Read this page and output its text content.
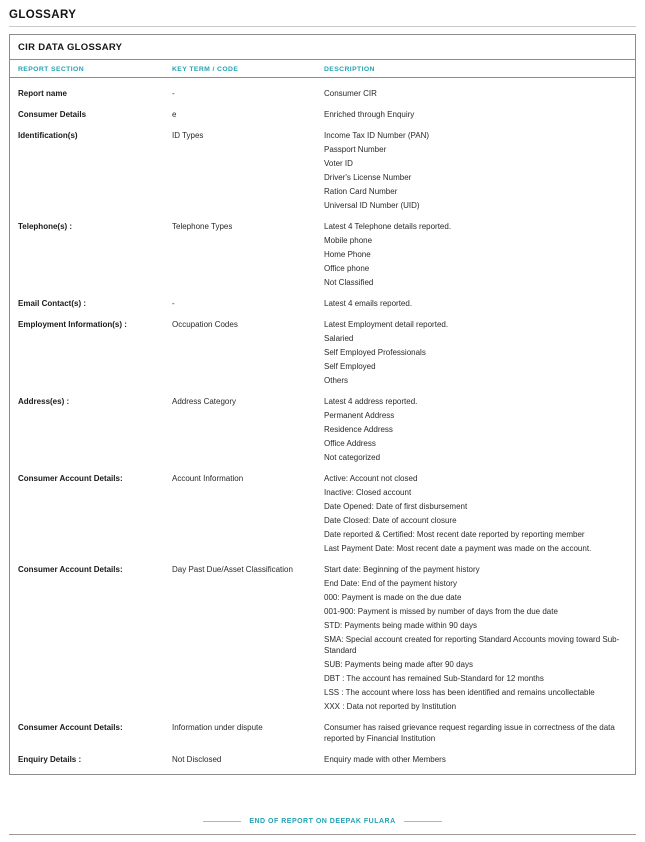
GLOSSARY
CIR DATA GLOSSARY
REPORT SECTION	KEY TERM / CODE	DESCRIPTION
Report name	-	Consumer CIR
Consumer Details	e	Enriched through Enquiry
Identification(s)	ID Types	Income Tax ID Number (PAN)
Passport Number
Voter ID
Driver's License Number
Ration Card Number
Universal ID Number (UID)
Telephone(s) :	Telephone Types	Latest 4 Telephone details reported.
Mobile phone
Home Phone
Office phone
Not Classified
Email Contact(s) :	-	Latest 4 emails reported.
Employment Information(s) :	Occupation Codes	Latest Employment detail reported.
Salaried
Self Employed Professionals
Self Employed
Others
Address(es) :	Address Category	Latest 4 address reported.
Permanent Address
Residence Address
Office Address
Not categorized
Consumer Account Details:	Account Information	Active: Account not closed
Inactive: Closed account
Date Opened: Date of first disbursement
Date Closed: Date of account closure
Date reported & Certified: Most recent date reported by reporting member
Last Payment Date: Most recent date a payment was made on the account.
Consumer Account Details:	Day Past Due/Asset Classification	Start date: Beginning of the payment history
End Date: End of the payment history
000: Payment is made on the due date
001-900: Payment is missed by number of days from the due date
STD: Payments being made within 90 days
SMA: Special account created for reporting Standard Accounts moving toward Sub-Standard
SUB: Payments being made after 90 days
DBT : The account has remained Sub-Standard for 12 months
LSS : The account where loss has been identified and remains uncollectable
XXX : Data not reported by Institution
Consumer Account Details:	Information under dispute	Consumer has raised grievance request regarding issue in correctness of the data reported by Financial Institution
Enquiry Details :	Not Disclosed	Enquiry made with other Members
END OF REPORT ON DEEPAK FULARA
